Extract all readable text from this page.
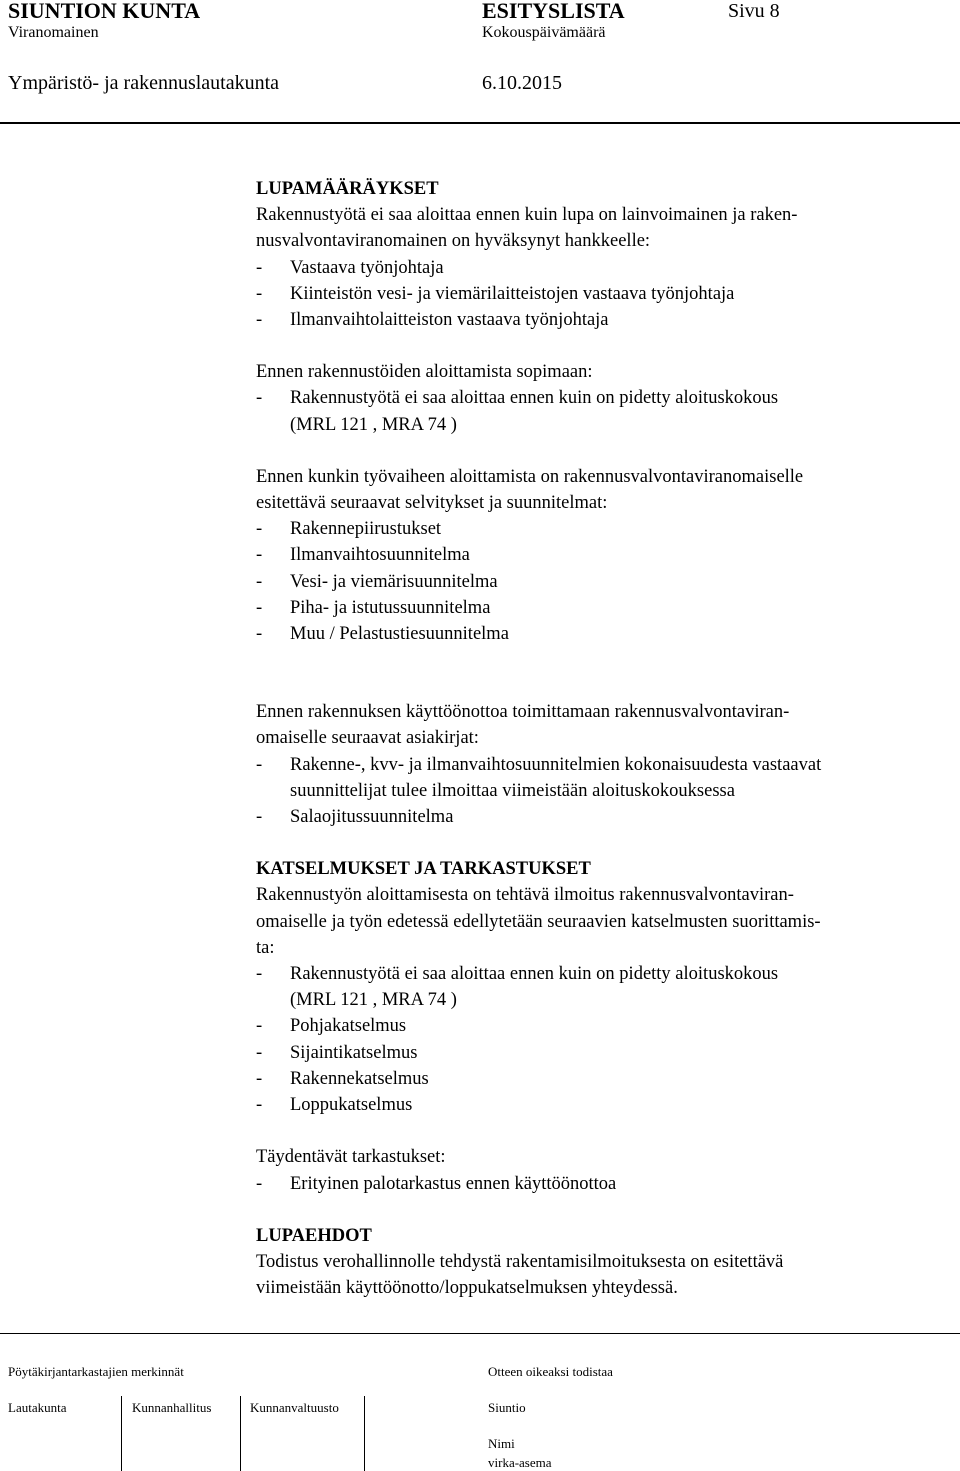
SIUNTION KUNTA	ESITYSLISTA	Sivu 8
Viranomainen	Kokouspäivämäärä
Ympäristö- ja rakennuslautakunta	6.10.2015

LUPAMÄÄRÄYKSET

Rakennustyötä ei saa aloittaa ennen kuin lupa on lainvoimainen ja raken-

nusvalvontaviranomainen on hyväksynyt hankkeelle:

- Vastaava työnjohtaja

- Kiinteistön vesi- ja viemärilaitteistojen vastaava työnjohtaja

- Ilmanvaihtolaitteiston vastaava työnjohtaja

Ennen rakennustöiden aloittamista sopimaan:

- Rakennustyötä ei saa aloittaa ennen kuin on pidetty aloituskokous

(MRL 121 , MRA 74 )

Ennen kunkin työvaiheen aloittamista on rakennusvalvontaviranomaiselle

esitettävä seuraavat selvitykset ja suunnitelmat:

- Rakennepiirustukset

- Ilmanvaihtosuunnitelma

- Vesi- ja viemärisuunnitelma

- Piha- ja istutussuunnitelma

- Muu / Pelastustiesuunnitelma

Ennen rakennuksen käyttöönottoa toimittamaan rakennusvalvontaviran-

omaiselle seuraavat asiakirjat:

- Rakenne-, kvv- ja ilmanvaihtosuunnitelmien kokonaisuudesta vastaavat

suunnittelijat tulee ilmoittaa viimeistään aloituskokouksessa

- Salaojitussuunnitelma

KATSELMUKSET JA TARKASTUKSET

Rakennustyön aloittamisesta on tehtävä ilmoitus rakennusvalvontaviran-

omaiselle ja työn edetessä edellytetään seuraavien katselmusten suorittamis-

ta:

- Rakennustyötä ei saa aloittaa ennen kuin on pidetty aloituskokous

(MRL 121 , MRA 74 )

- Pohjakatselmus

- Sijaintikatselmus

- Rakennekatselmus

- Loppukatselmus

Täydentävät tarkastukset:

- Erityinen palotarkastus ennen käyttöönottoa

LUPAEHDOT

Todistus verohallinnolle tehdystä rakentamisilmoituksesta on esitettävä

viimeistään käyttöönotto/loppukatselmuksen yhteydessä.

Pöytäkirjantarkastajien merkinnät	Otteen oikeaksi todistaa
Lautakunta	Kunnanhallitus	Kunnanvaltuusto	Siuntio
Nimi
virka-asema
